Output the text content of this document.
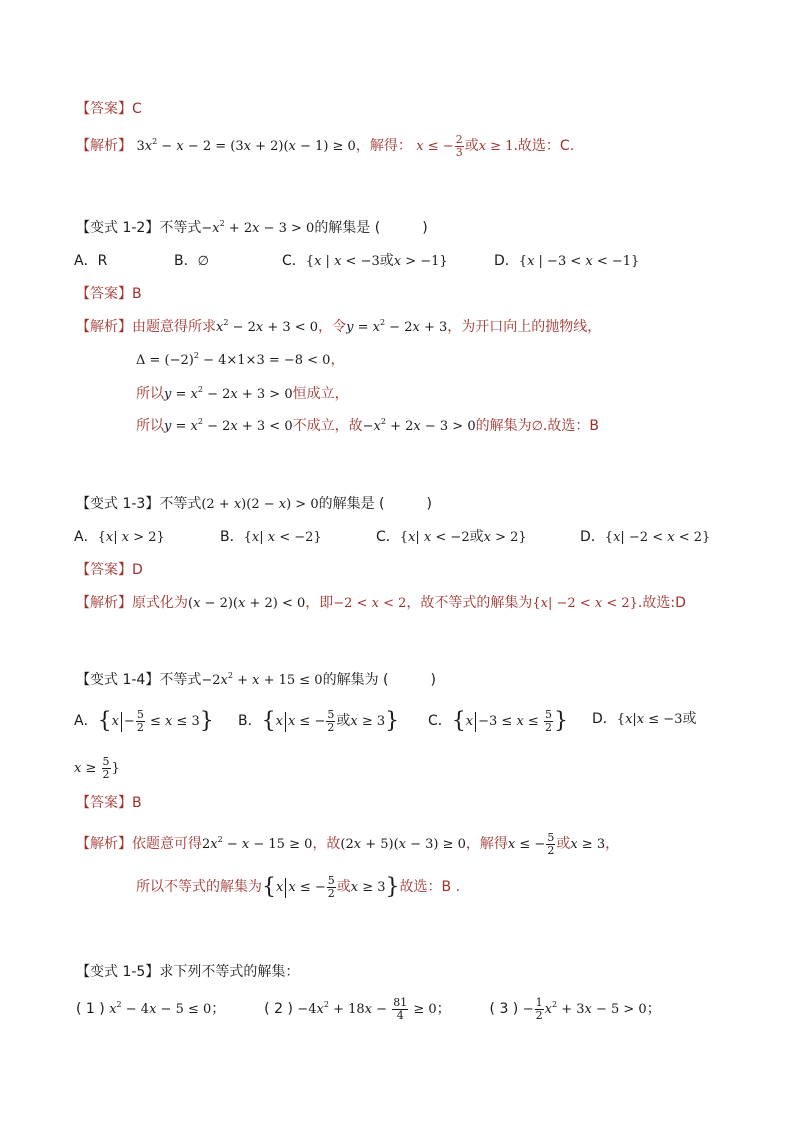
【答案】C
【解析】 $3x^2 - x - 2 = (3x + 2)(x - 1) \ge 0$，解得： x ≤ − $\frac{2}{3}$ 或x ≥ 1.故选：C.
【变式 1-2】不等式$-x^2 + 2x - 3 > 0$的解集是 (　　　)
A．R	B．∅	C．{x | x < −3或x > −1}	D．{x | −3 < x < −1}
【答案】B
【解析】由题意得所求$x^2 - 2x + 3 < 0$，令$y = x^2 - 2x + 3$，为开口向上的抛物线，
$\Delta = (-2)^2 - 4\times 1\times 3 = -8 < 0$，
所以$y = x^2 - 2x + 3 > 0$恒成立，
所以$y = x^2 - 2x + 3 < 0$不成立，故$-x^2 + 2x - 3 > 0$的解集为∅.故选：B
【变式 1-3】不等式(2 + x)(2 − x) > 0的解集是 (　　　)
A．{x| x > 2}	B．{x| x < −2}	C．{x| x < −2或x > 2}	D．{x| −2 < x < 2}
【答案】D
【解析】原式化为(x − 2)(x + 2) < 0，即−2 < x < 2，故不等式的解集为{x| −2 < x < 2}.故选:D
【变式 1-4】不等式$-2x^2 + x + 15 \le 0$的解集为 (　　　)
A．$\{x - \frac{5}{2} \le x \le 3\}$ B．{x x ≤ − $\frac{5}{2}$ 或x ≥ 3} C．{$x -3 \le x \le \frac{5}{2}$ } D．{x|x ≤ −3或
$x \ge \frac{5}{2}$ }
【答案】B
【解析】依题意可得$2x^2 - x - 15 \ge 0$，故(2x + 5)(x − 3) ≥ 0，解得x ≤ − $\frac{5}{2}$ 或x ≥ 3，
所以不等式的解集为{x x ≤ − $\frac{5}{2}$ 或x ≥ 3}故选：B .
【变式 1-5】求下列不等式的解集：
( 1 ) $x^2 - 4x - 5 \le 0$；	( 2 ) $-4x^2 + 18x - \frac{81}{4} \ge 0$；	( 3 ) − $\frac{1}{2} x^2 + 3x - 5 > 0$；
